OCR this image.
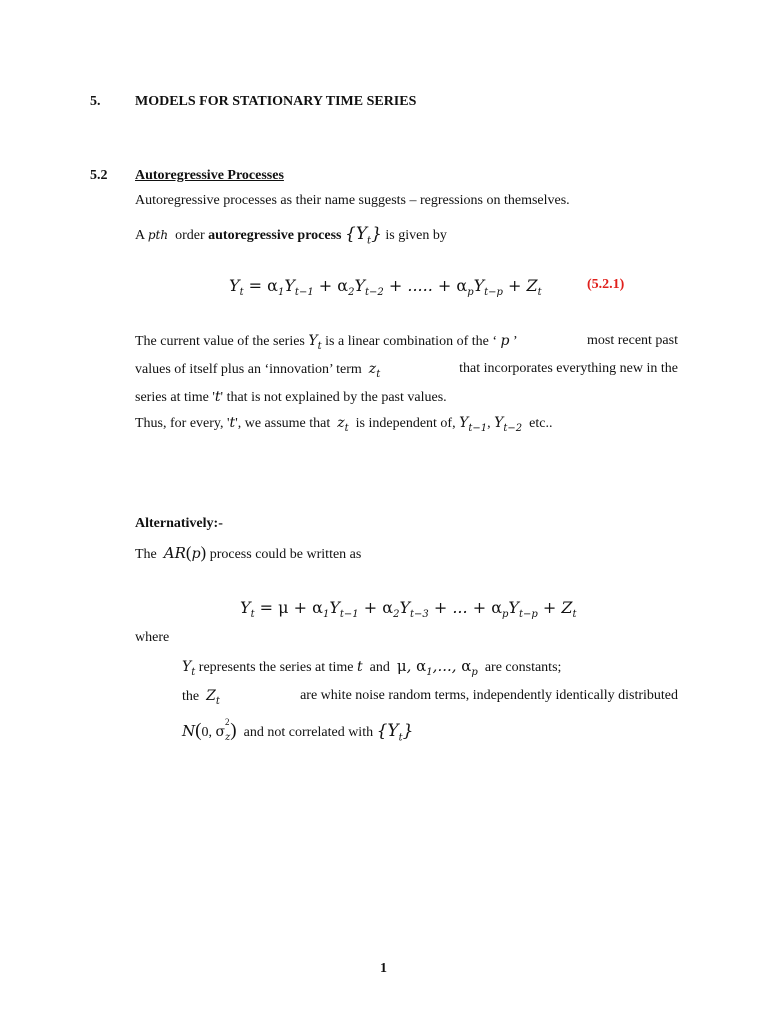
5. MODELS FOR STATIONARY TIME SERIES
5.2 Autoregressive Processes
Autoregressive processes as their name suggests – regressions on themselves.
A pth order autoregressive process $\{Y_t\}$ is given by
$Y_t = \alpha_1Y_{t-1} + \alpha_2Y_{t-2}$ + ..... + $\alpha_pY_{t-p} + Z_t$
(5.2.1)
The current value of the series $Y_t$ is a linear combination of the ‘ p ’	most recent past
values of itself plus an ‘innovation’ term $z_t$	that incorporates everything new in the
series at time 't' that is not explained by the past values.
Thus, for every, 't', we assume that $z_t$ is independent of, $Y_{t-1}$, $Y_{t-2}$ etc..
Alternatively:-
The AR(p) process could be written as
$Y_t = \mu + \alpha_1Y_{t-1} + \alpha_2Y_{t-3}$ + ... + $\alpha_pY_{t-p} + Z_t$
where
$Y_t$ represents the series at time t and μ, $\alpha_1$,..., $\alpha_p$ are constants;
the $Z_t$	are white noise random terms, independently identically distributed
N(0, σ
$_{2 z}$) and not correlated with $\{Y_t\}$
1
